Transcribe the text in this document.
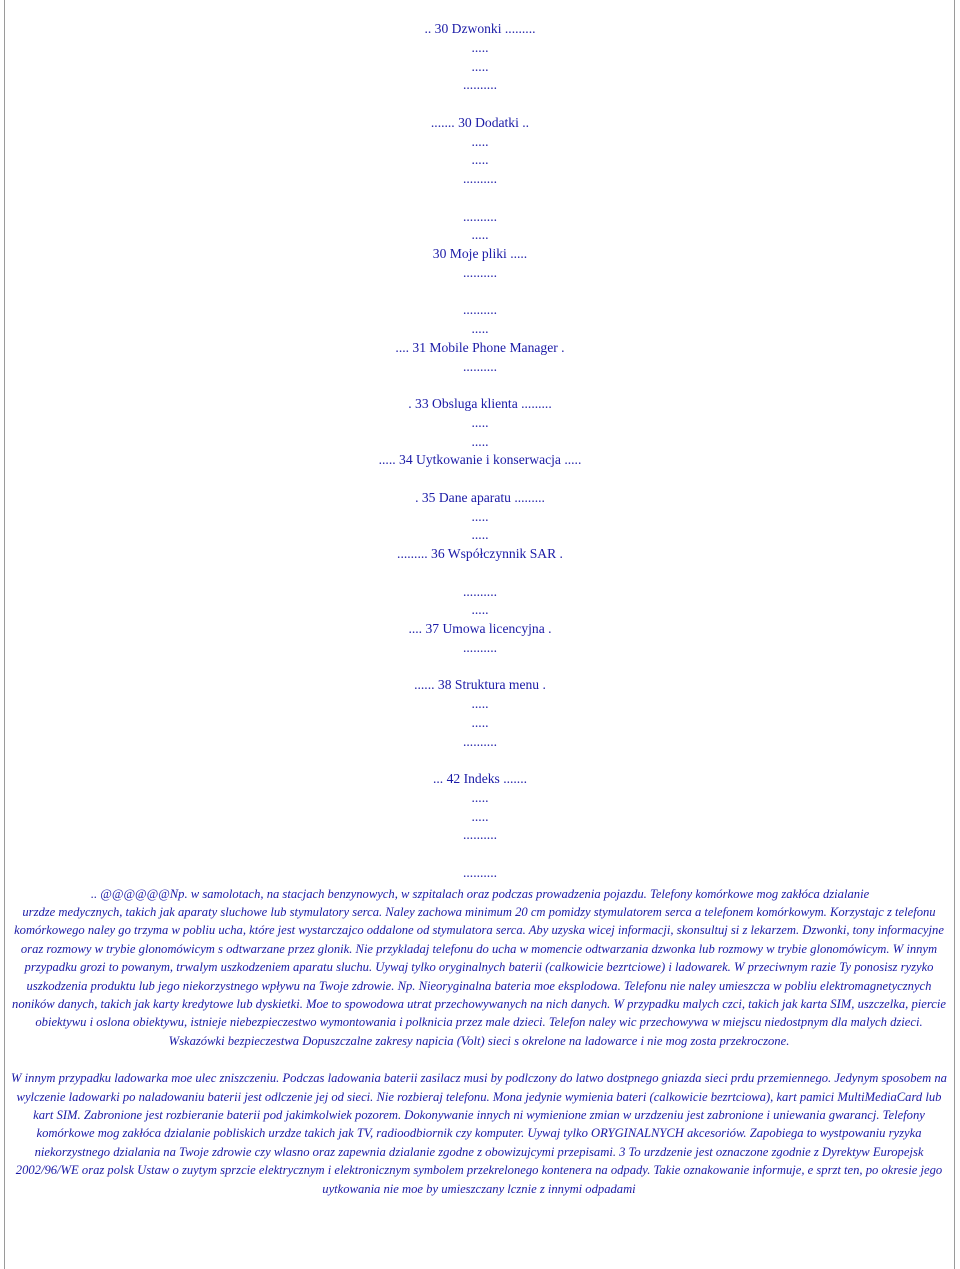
.. 30 Dzwonki .........
.....
.....
..........
....... 30 Dodatki ..
.....
.....
..........
..........
.....
30 Moje pliki .....
..........
..........
.....
.... 31 Mobile Phone Manager .
..........
. 33 Obsluga klienta .........
.....
.....
..... 34 Uytkowanie i konserwacja .....
. 35 Dane aparatu .........
.....
.....
......... 36 Współczynnik SAR .
..........
.....
.... 37 Umowa licencyjna .
..........
...... 38 Struktura menu .
.....
.....
..........
... 42 Indeks .......
.....
.....
..........
..........
.. @@@@@@Np. w samolotach, na stacjach benzynowych, w szpitalach oraz podczas prowadzenia pojazdu. Telefony komórkowe mog zakłóca dzialanie

urzdze medycznych, takich jak aparaty sluchowe lub stymulatory serca. Naley zachowa minimum 20 cm pomidzy stymulatorem serca a telefonem komórkowym. Korzystajc z telefonu komórkowego naley go trzyma w pobliu ucha, które jest wystarczajco oddalone od stymulatora serca. Aby uzyska wicej informacji, skonsultuj si z lekarzem. Dzwonki, tony informacyjne oraz rozmowy w trybie glonomówicym s odtwarzane przez glonik. Nie przykladaj telefonu do ucha w momencie odtwarzania dzwonka lub rozmowy w trybie glonomówicym. W innym przypadku grozi to powanym, trwalym uszkodzeniem aparatu sluchu. Uywaj tylko oryginalnych baterii (calkowicie bezrtciowe) i ladowarek. W przeciwnym razie Ty ponosisz ryzyko uszkodzenia produktu lub jego niekorzystnego wpływu na Twoje zdrowie. Np. Nieoryginalna bateria moe eksplodowa. Telefonu nie naley umieszcza w pobliu elektromagnetycznych noników danych, takich jak karty kredytowe lub dyskietki. Moe to spowodowa utrat przechowywanych na nich danych. W przypadku malych czci, takich jak karta SIM, uszczelka, piercie obiektywu i oslona obiektywu, istnieje niebezpieczestwo wymontowania i polknicia przez male dzieci. Telefon naley wic przechowywa w miejscu niedostpnym dla malych dzieci. Wskazówki bezpieczestwa Dopuszczalne zakresy napicia (Volt) sieci s okrelone na ladowarce i nie mog zosta przekroczone.

W innym przypadku ladowarka moe ulec zniszczeniu. Podczas ladowania baterii zasilacz musi by podlczony do latwo dostpnego gniazda sieci prdu przemiennego. Jedynym sposobem na wylczenie ladowarki po naladowaniu baterii jest odlczenie jej od sieci. Nie rozbieraj telefonu. Mona jedynie wymienia bateri (calkowicie bezrtciowa), kart pamici MultiMediaCard lub kart SIM. Zabronione jest rozbieranie baterii pod jakimkolwiek pozorem. Dokonywanie innych ni wymienione zmian w urzdzeniu jest zabronione i uniewania gwarancj. Telefony komórkowe mog zakłóca dzialanie pobliskich urzdze takich jak TV, radioodbiornik czy komputer. Uywaj tylko ORYGINALNYCH akcesoriów. Zapobiega to wystpowaniu ryzyka niekorzystnego dzialania na Twoje zdrowie czy wlasno oraz zapewnia dzialanie zgodne z obowizujcymi przepisami. 3 To urzdzenie jest oznaczone zgodnie z Dyrektyw Europejsk 2002/96/WE oraz polsk Ustaw o zuytym sprzcie elektrycznym i elektronicznym symbolem przekrelonego kontenera na odpady. Takie oznakowanie informuje, e sprzt ten, po okresie jego uytkowania nie moe by umieszczany lcznie z innymi odpadami
